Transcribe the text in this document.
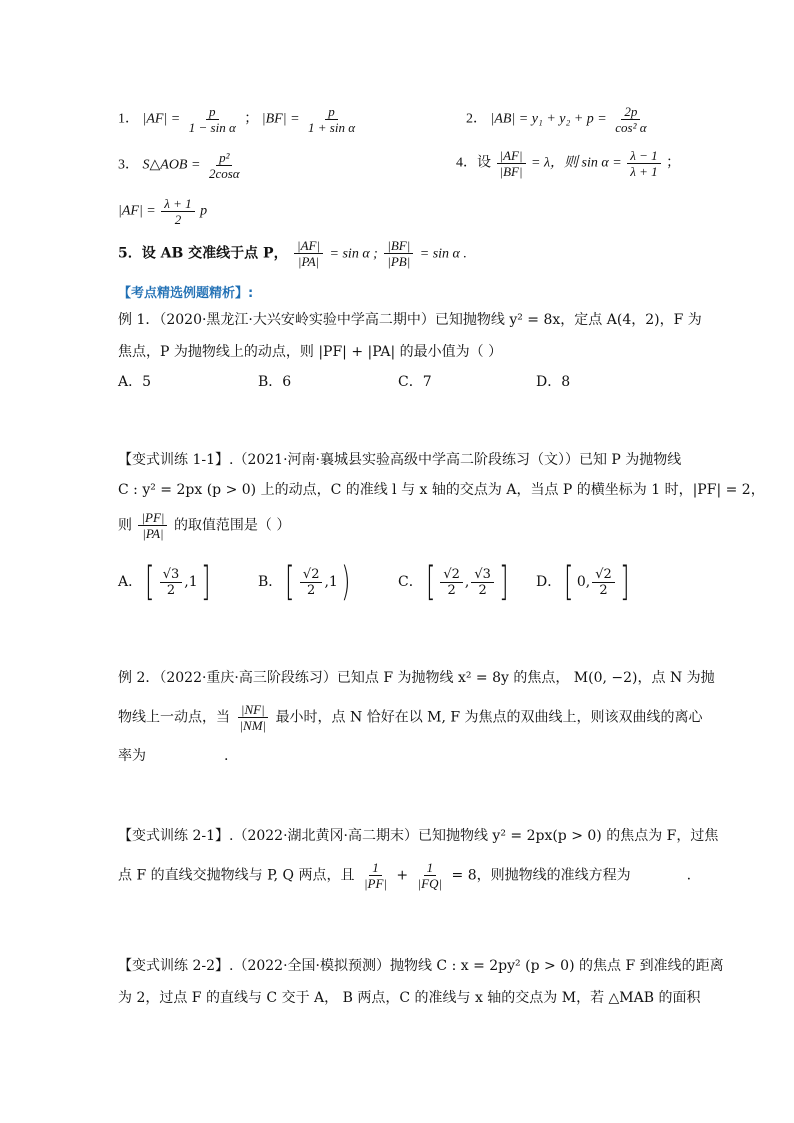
1． $|AF| = \frac{p}{\text{1 − sin α}}$ ； $|BF| = \frac{p}{\text{1 + sin α}}$	2． $|AB| = y_1 + y_2 + p = \frac{2p}{\text{cos² α}}$
3． S△AOB = $\frac{\text{p²}}{2\cos\alpha}$	4．设 $\frac{|AF|}{|BF|} = \lambda$，则 $\sin \alpha = \frac{\lambda - 1}{\lambda + 1}$ ；
$|AF| = \frac{\lambda + 1}{2}$ p
5．设 AB 交准线于点 P， $\frac{|AF|}{|PA|} = \sin \alpha$ ; $\frac{|BF|}{|PB|} = \sin \alpha$ .
【考点精选例题精析】:
例 1．（2020·黑龙江·大兴安岭实验中学高二期中）已知抛物线 y² = 8x，定点 A(4，2)，F 为
焦点，P 为抛物线上的动点，则 |PF| + |PA| 的最小值为（ ）
A．5	B．6	C．7	D．8
【变式训练 1-1】.（2021·河南·襄城县实验高级中学高二阶段练习（文））已知 P 为抛物线
C : y² = 2px (p > 0) 上的动点，C 的准线 l 与 x 轴的交点为 A，当点 P 的横坐标为 1 时，|PF| = 2，
则 $\frac{|PF|}{|PA|}$ 的取值范围是（ ）
A． [ $\frac{√3}{2}$ , 1 ]	B． [ $\frac{√2}{2}$ , 1 )	C． [ $\frac{√2}{2}$ , $\frac{√3}{2}$ ] D． [ 0 , $\frac{√2}{2}$ ]
例 2．（2022·重庆·高三阶段练习）已知点 F 为抛物线 x² = 8y 的焦点， M(0, −2)，点 N 为抛
物线上一动点，当 $\frac{|NF|}{|NM|}$ 最小时，点 N 恰好在以 M, F 为焦点的双曲线上，则该双曲线的离心
率为	.
【变式训练 2-1】.（2022·湖北黄冈·高二期末）已知抛物线 y² = 2px(p > 0) 的焦点为 F，过焦
点 F 的直线交抛物线与 P, Q 两点，且 $\frac{1}{|PF|} + \frac{1}{|FQ|} = 8$，则抛物线的准线方程为	.
【变式训练 2-2】.（2022·全国·模拟预测）抛物线 C : x = 2py² (p > 0) 的焦点 F 到准线的距离
为 2，过点 F 的直线与 C 交于 A， B 两点，C 的准线与 x 轴的交点为 M，若 △MAB 的面积
